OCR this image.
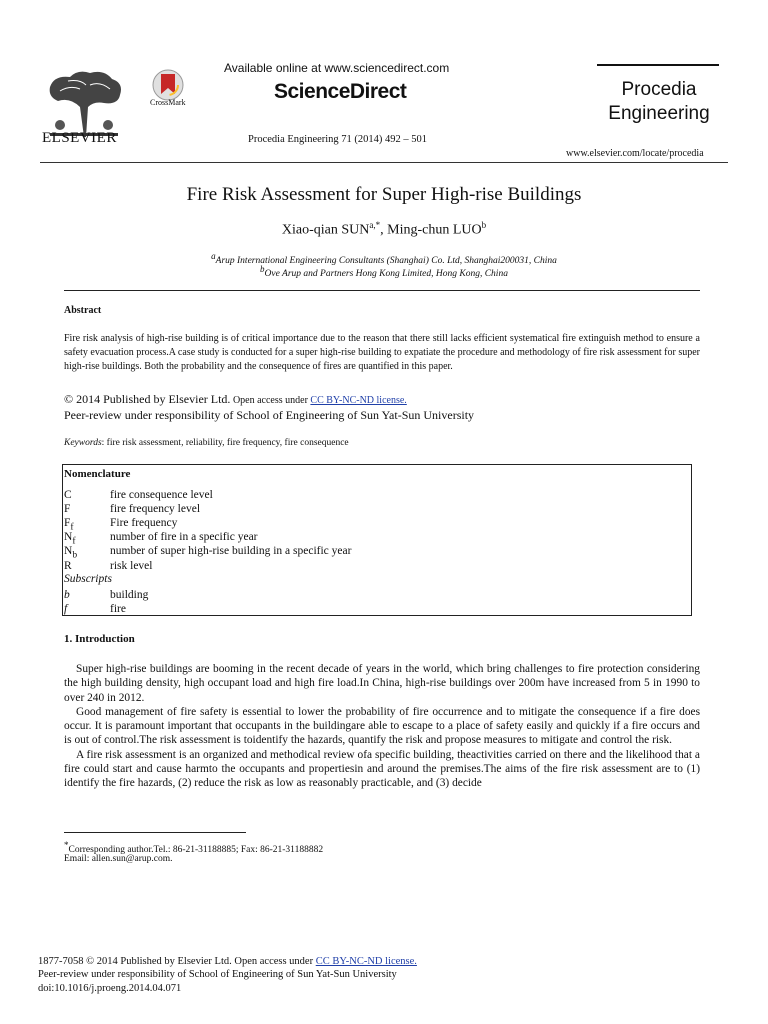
ELSEVIER
CrossMark
Available online at www.sciencedirect.com
ScienceDirect
Procedia Engineering 71 (2014) 492 – 501
Procedia
Engineering
www.elsevier.com/locate/procedia
Fire Risk Assessment for Super High-rise Buildings
Xiao-qian $SUN^{a,*}$, Ming-chun LUO$^b$
$^a$Arup International Engineering Consultants (Shanghai) Co. Ltd, Shanghai200031, China
$^b$Ove Arup and Partners Hong Kong Limited, Hong Kong, China
Abstract
Fire risk analysis of high-rise building is of critical importance due to the reason that there still lacks efficient systematical fire extinguish method to ensure a safety evacuation process.A case study is conducted for a super high-rise building to expatiate the procedure and methodology of fire risk assessment for super high-rise buildings. Both the probability and the consequence of fires are quantified in this paper.
© 2014 Published by Elsevier Ltd. Open access under CC BY-NC-ND license.
Peer-review under responsibility of School of Engineering of Sun Yat-Sun University
Keywords: fire risk assessment, reliability, fire frequency, fire consequence
Nomenclature
C	fire consequence level
F	fire frequency level
$F_f$	Fire frequency
$N_f$	number of fire in a specific year
$N_b$	number of super high-rise building in a specific year
R	risk level
Subscripts
b	building
f	fire
1. Introduction

Super high-rise buildings are booming in the recent decade of years in the world, which bring challenges to fire protection considering the high building density, high occupant load and high fire load.In China, high-rise buildings over 200m have increased from 5 in 1990 to over 240 in 2012.

Good management of fire safety is essential to lower the probability of fire occurrence and to mitigate the consequence if a fire does occur. It is paramount important that occupants in the buildingare able to escape to a place of safety easily and quickly if a fire occurs and is out of control.The risk assessment is toidentify the hazards, quantify the risk and propose measures to mitigate and control the risk.

A fire risk assessment is an organized and methodical review ofa specific building, theactivities carried on there and the likelihood that a fire could start and cause harmto the occupants and propertiesin and around the premises.The aims of the fire risk assessment are to (1) identify the fire hazards, (2) reduce the risk as low as reasonably practicable, and (3) decide

*Corresponding author.Tel.: 86-21-31188885; Fax: 86-21-31188882
Email: allen.sun@arup.com.
1877-7058 © 2014 Published by Elsevier Ltd. Open access under CC BY-NC-ND license.
Peer-review under responsibility of School of Engineering of Sun Yat-Sun University
doi:10.1016/j.proeng.2014.04.071
